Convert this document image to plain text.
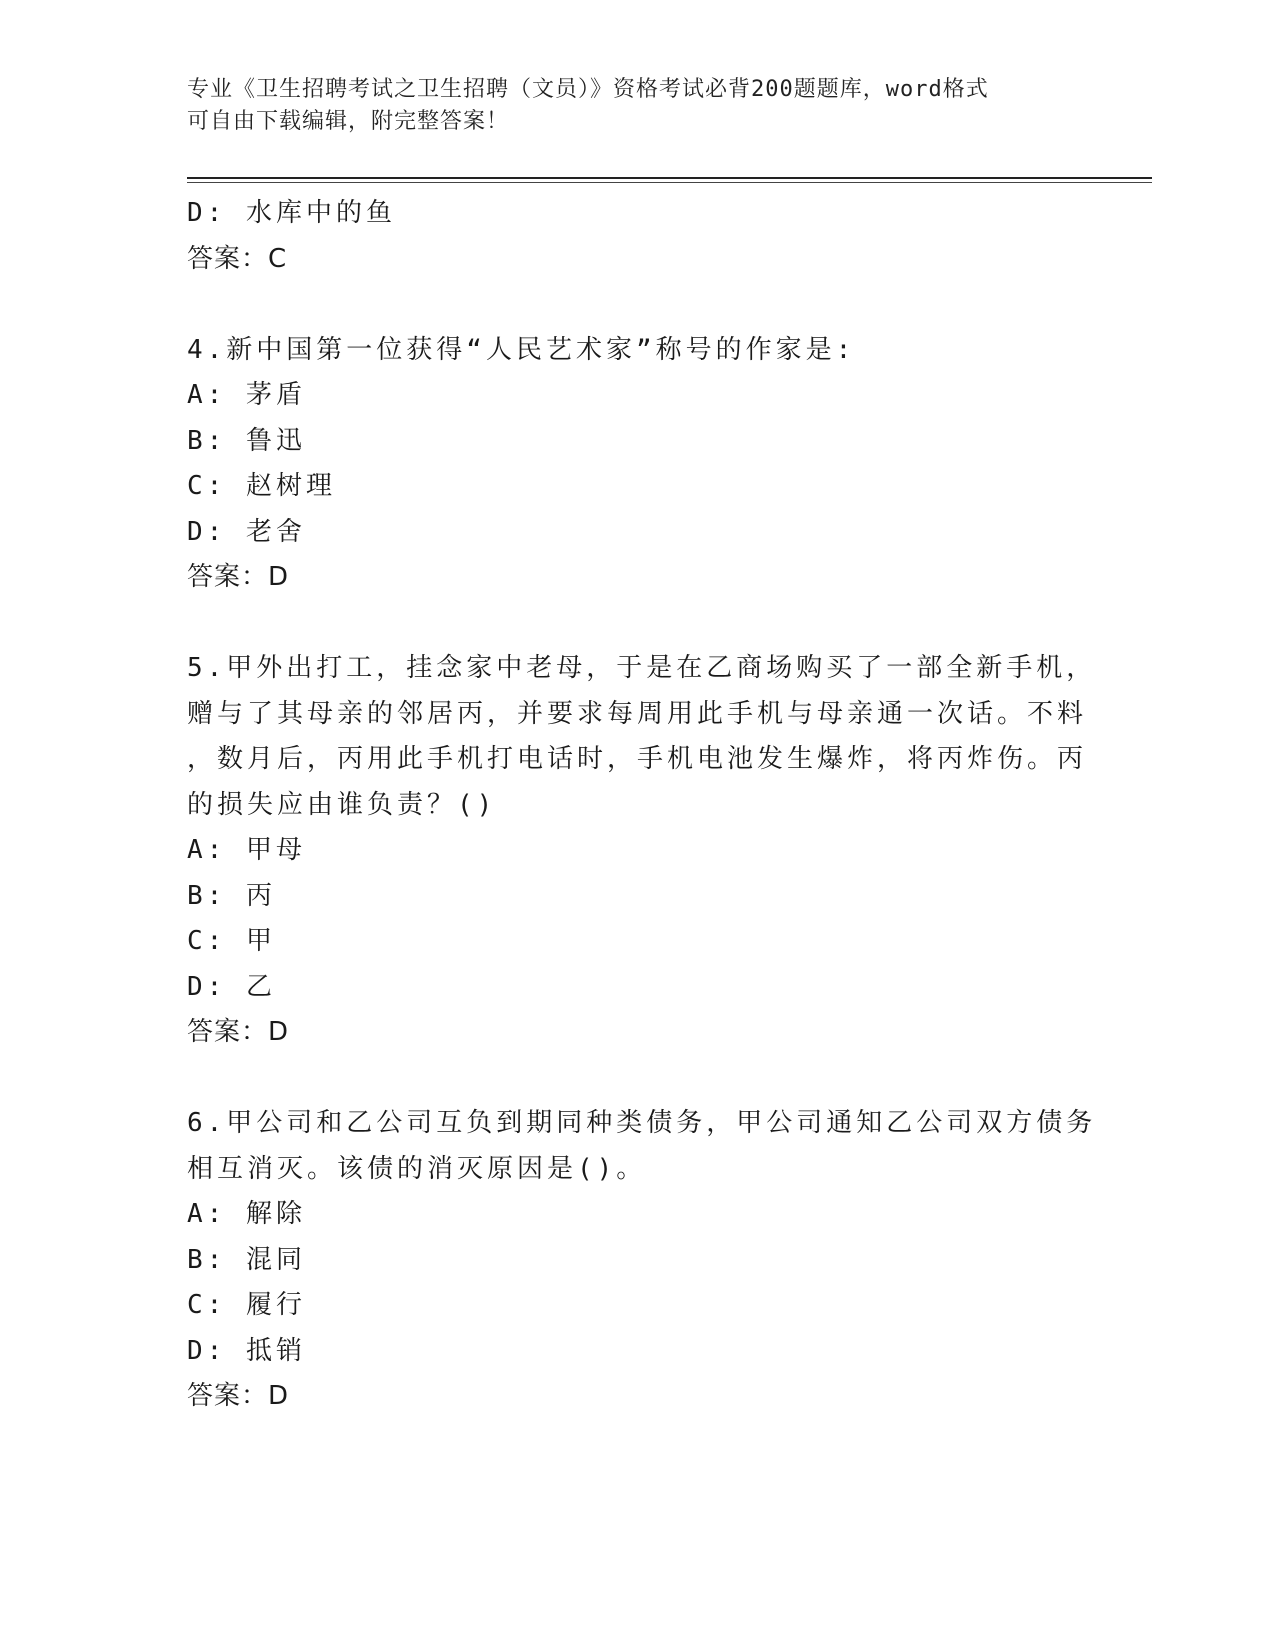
专业《卫生招聘考试之卫生招聘（文员）》资格考试必背200题题库，word格式
可自由下载编辑，附完整答案！
D: 水库中的鱼
答案：C
4.新中国第一位获得“人民艺术家”称号的作家是:
A: 茅盾
B: 鲁迅
C: 赵树理
D: 老舍
答案：D
5.甲外出打工，挂念家中老母，于是在乙商场购买了一部全新手机，
赠与了其母亲的邻居丙，并要求每周用此手机与母亲通一次话。不料
，数月后，丙用此手机打电话时，手机电池发生爆炸，将丙炸伤。丙
的损失应由谁负责？()
A: 甲母
B: 丙
C: 甲
D: 乙
答案：D
6.甲公司和乙公司互负到期同种类债务，甲公司通知乙公司双方债务
相互消灭。该债的消灭原因是()。
A: 解除
B: 混同
C: 履行
D: 抵销
答案：D
